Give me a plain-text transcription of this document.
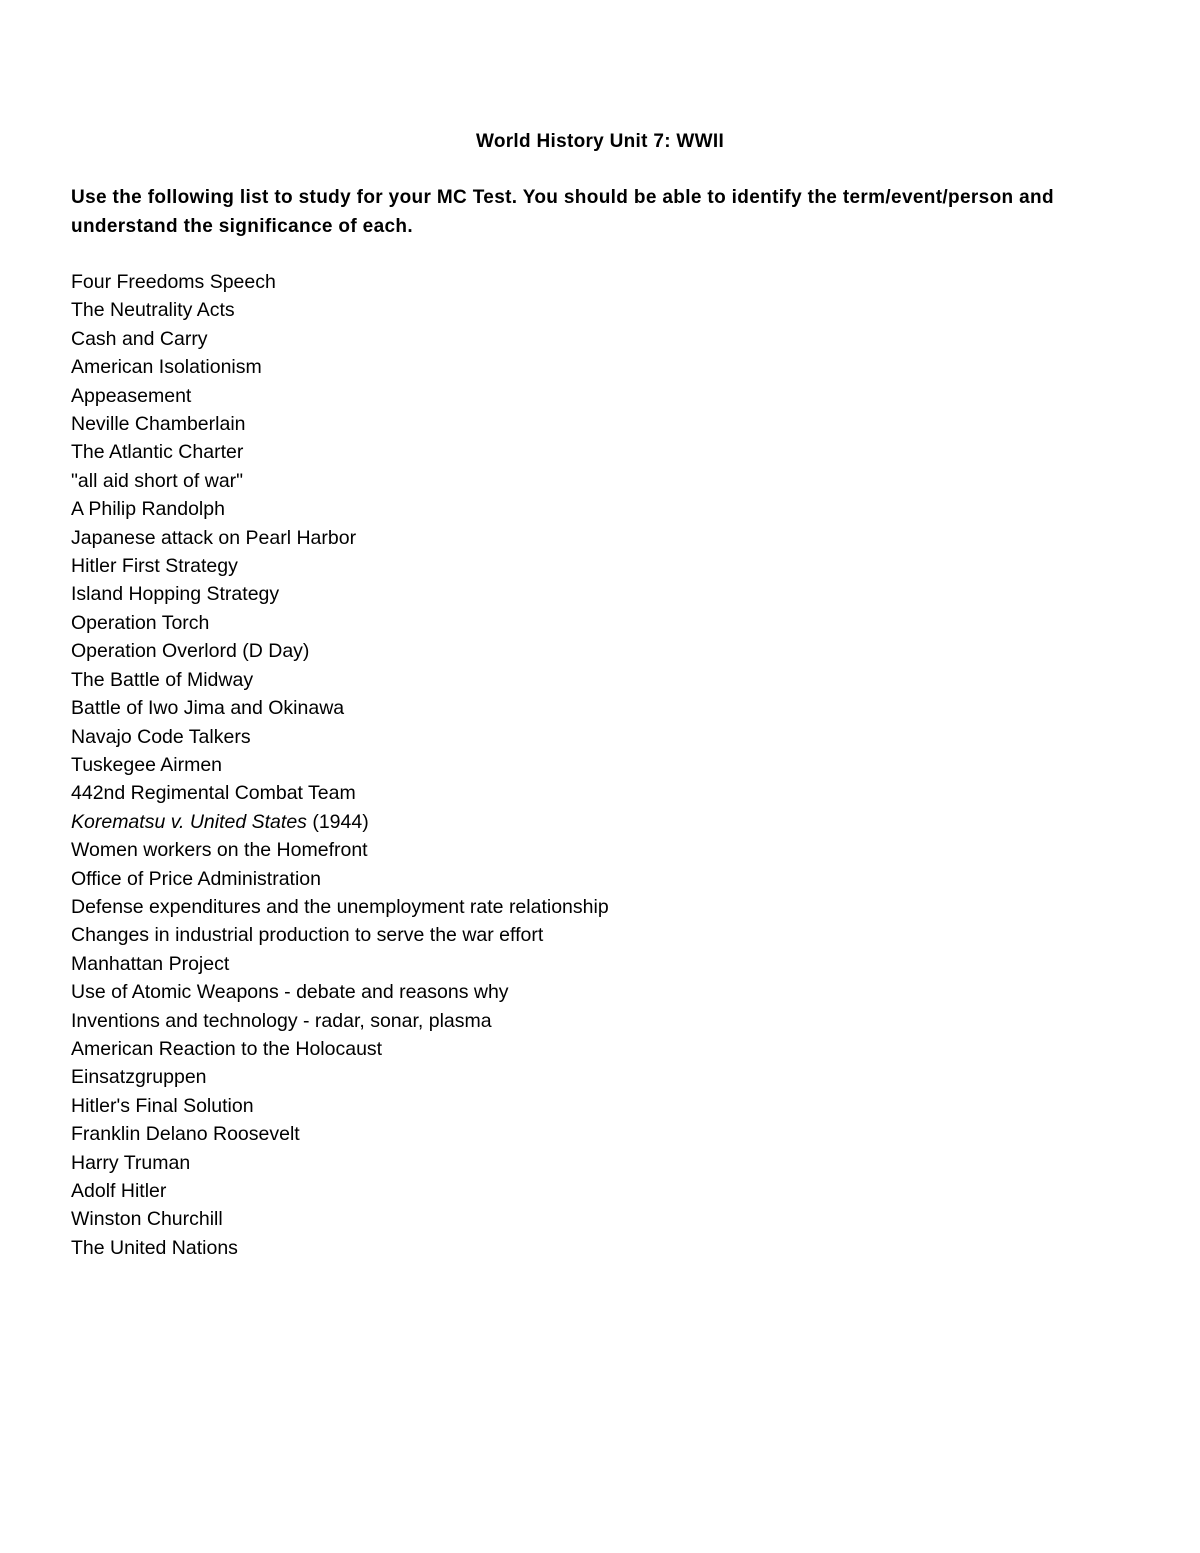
World History Unit 7: WWII
Use the following list to study for your MC Test. You should be able to identify the term/event/person and understand the significance of each.
Four Freedoms Speech
The Neutrality Acts
Cash and Carry
American Isolationism
Appeasement
Neville Chamberlain
The Atlantic Charter
"all aid short of war"
A Philip Randolph
Japanese attack on Pearl Harbor
Hitler First Strategy
Island Hopping Strategy
Operation Torch
Operation Overlord (D Day)
The Battle of Midway
Battle of Iwo Jima and Okinawa
Navajo Code Talkers
Tuskegee Airmen
442nd Regimental Combat Team
Korematsu v. United States (1944)
Women workers on the Homefront
Office of Price Administration
Defense expenditures and the unemployment rate relationship
Changes in industrial production to serve the war effort
Manhattan Project
Use of Atomic Weapons - debate and reasons why
Inventions and technology - radar, sonar, plasma
American Reaction to the Holocaust
Einsatzgruppen
Hitler's Final Solution
Franklin Delano Roosevelt
Harry Truman
Adolf Hitler
Winston Churchill
The United Nations
